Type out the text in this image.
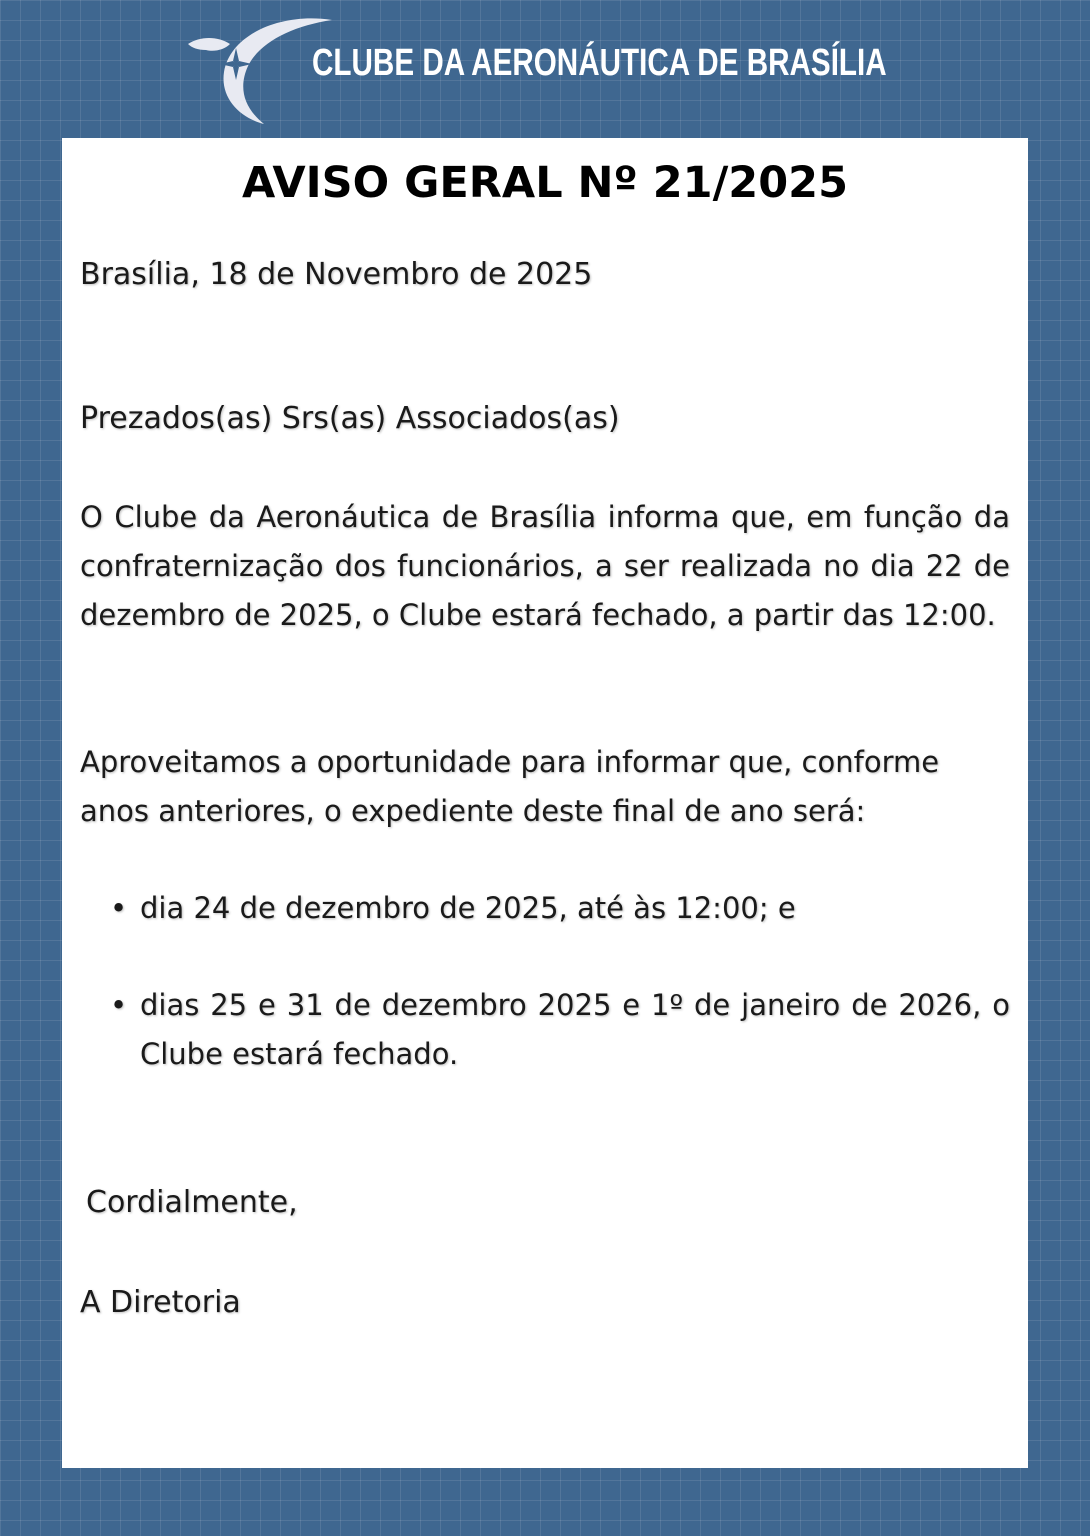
CLUBE DA AERONÁUTICA DE BRASÍLIA
AVISO GERAL Nº 21/2025
Brasília, 18 de Novembro de 2025
Prezados(as) Srs(as) Associados(as)
O Clube da Aeronáutica de Brasília informa que, em função da confraternização dos funcionários, a ser realizada no dia 22 de dezembro de 2025, o Clube estará fechado, a partir das 12:00.
Aproveitamos a oportunidade para informar que, conforme anos anteriores, o expediente deste final de ano será:
• dia 24 de dezembro de 2025, até às 12:00; e
• dias 25 e 31 de dezembro 2025 e 1º de janeiro de 2026, o Clube estará fechado.
Cordialmente,
A Diretoria
